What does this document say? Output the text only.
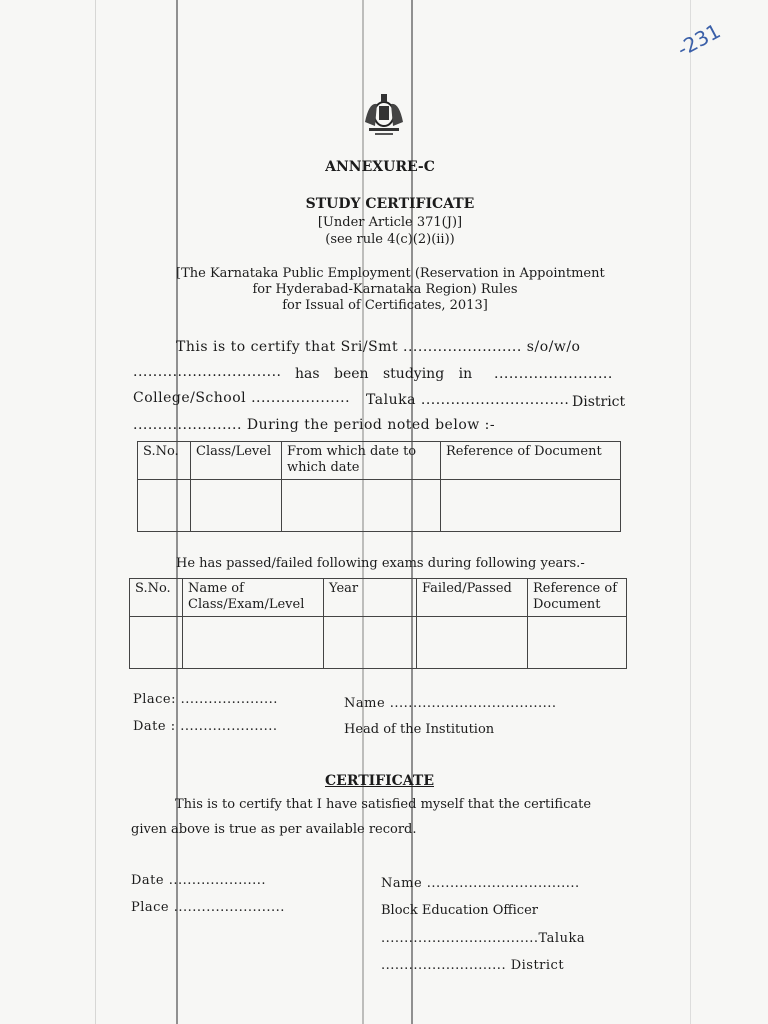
-231
ANNEXURE-C
STUDY CERTIFICATE
[Under Article 371(J)]
(see rule 4(c)(2)(ii))
[The Karnataka Public Employment (Reservation in Appointment
for Hyderabad-Karnataka Region) Rules
for Issual of Certificates, 2013]
This is to certify that Sri/Smt ........................ s/o/w/o
.............................. has been studying in ........................
College/School .................... Taluka .............................. District
...................... During the period noted below :-
S.No.	Class/Level	From which date to which date	Reference of Document

He has passed/failed following exams during following years.-
S.No.	Name of Class/Exam/Level	Year	Failed/Passed	Reference of Document

Place: .....................
Date : .....................
Name ....................................
Head of the Institution
CERTIFICATE
This is to certify that I have satisfied myself that the certificate
given above is true as per available record.
Date .....................
Place ........................
Name .................................
Block Education Officer
..................................Taluka
........................... District
